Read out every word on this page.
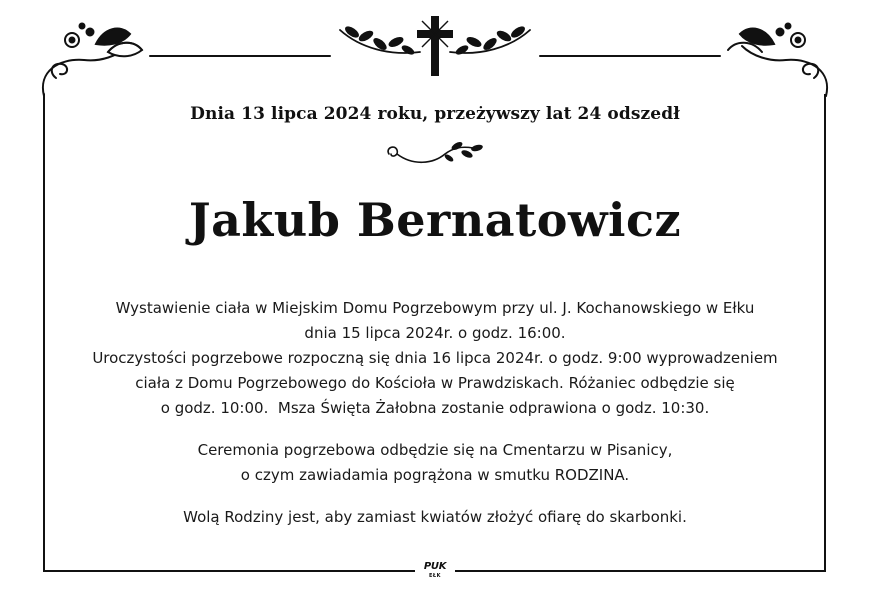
Dnia 13 lipca 2024 roku, przeżywszy lat 24 odszedł
Jakub Bernatowicz
Wystawienie ciała w Miejskim Domu Pogrzebowym przy ul. J. Kochanowskiego w Ełku
dnia 15 lipca 2024r. o godz. 16:00.
Uroczystości pogrzebowe rozpoczną się dnia 16 lipca 2024r. o godz. 9:00 wyprowadzeniem
ciała z Domu Pogrzebowego do Kościoła w Prawdziskach. Różaniec odbędzie się
o godz. 10:00.  Msza Święta Żałobna zostanie odprawiona o godz. 10:30.
Ceremonia pogrzebowa odbędzie się na Cmentarzu w Pisanicy,
o czym zawiadamia pogrążona w smutku RODZINA.
Wolą Rodziny jest, aby zamiast kwiatów złożyć ofiarę do skarbonki.
PUK
EŁK
